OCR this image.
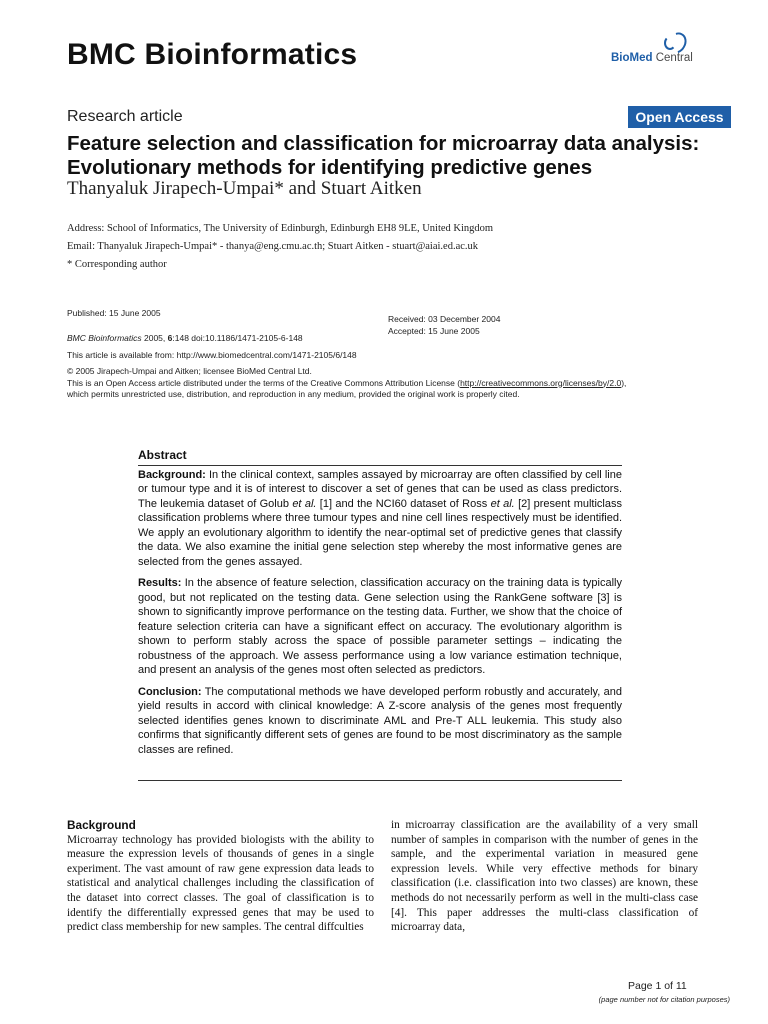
BMC Bioinformatics	BioMed Central
Research article	Open Access
Feature selection and classification for microarray data analysis: Evolutionary methods for identifying predictive genes
Thanyaluk Jirapech-Umpai* and Stuart Aitken
Address: School of Informatics, The University of Edinburgh, Edinburgh EH8 9LE, United Kingdom
Email: Thanyaluk Jirapech-Umpai* - thanya@eng.cmu.ac.th; Stuart Aitken - stuart@aiai.ed.ac.uk
* Corresponding author
Published: 15 June 2005
Received: 03 December 2004
Accepted: 15 June 2005
BMC Bioinformatics 2005, 6:148 doi:10.1186/1471-2105-6-148
This article is available from: http://www.biomedcentral.com/1471-2105/6/148
© 2005 Jirapech-Umpai and Aitken; licensee BioMed Central Ltd.
This is an Open Access article distributed under the terms of the Creative Commons Attribution License (http://creativecommons.org/licenses/by/2.0),
which permits unrestricted use, distribution, and reproduction in any medium, provided the original work is properly cited.
Abstract

Background: In the clinical context, samples assayed by microarray are often classified by cell line or tumour type and it is of interest to discover a set of genes that can be used as class predictors. The leukemia dataset of Golub et al. [1] and the NCI60 dataset of Ross et al. [2] present multiclass classification problems where three tumour types and nine cell lines respectively must be identified. We apply an evolutionary algorithm to identify the near-optimal set of predictive genes that classify the data. We also examine the initial gene selection step whereby the most informative genes are selected from the genes assayed.

Results: In the absence of feature selection, classification accuracy on the training data is typically good, but not replicated on the testing data. Gene selection using the RankGene software [3] is shown to significantly improve performance on the testing data. Further, we show that the choice of feature selection criteria can have a significant effect on accuracy. The evolutionary algorithm is shown to perform stably across the space of possible parameter settings – indicating the robustness of the approach. We assess performance using a low variance estimation technique, and present an analysis of the genes most often selected as predictors.

Conclusion: The computational methods we have developed perform robustly and accurately, and yield results in accord with clinical knowledge: A Z-score analysis of the genes most frequently selected identifies genes known to discriminate AML and Pre-T ALL leukemia. This study also confirms that significantly different sets of genes are found to be most discriminatory as the sample classes are refined.

Background

Microarray technology has provided biologists with the ability to measure the expression levels of thousands of genes in a single experiment. The vast amount of raw gene expression data leads to statistical and analytical challenges including the classification of the dataset into correct classes. The goal of classification is to identify the differentially expressed genes that may be used to predict class membership for new samples. The central diffculties

in microarray classification are the availability of a very small number of samples in comparison with the number of genes in the sample, and the experimental variation in measured gene expression levels. While very effective methods for binary classification (i.e. classification into two classes) are known, these methods do not necessarily perform as well in the multi-class case [4]. This paper addresses the multi-class classification of microarray data,

Page 1 of 11
(page number not for citation purposes)
